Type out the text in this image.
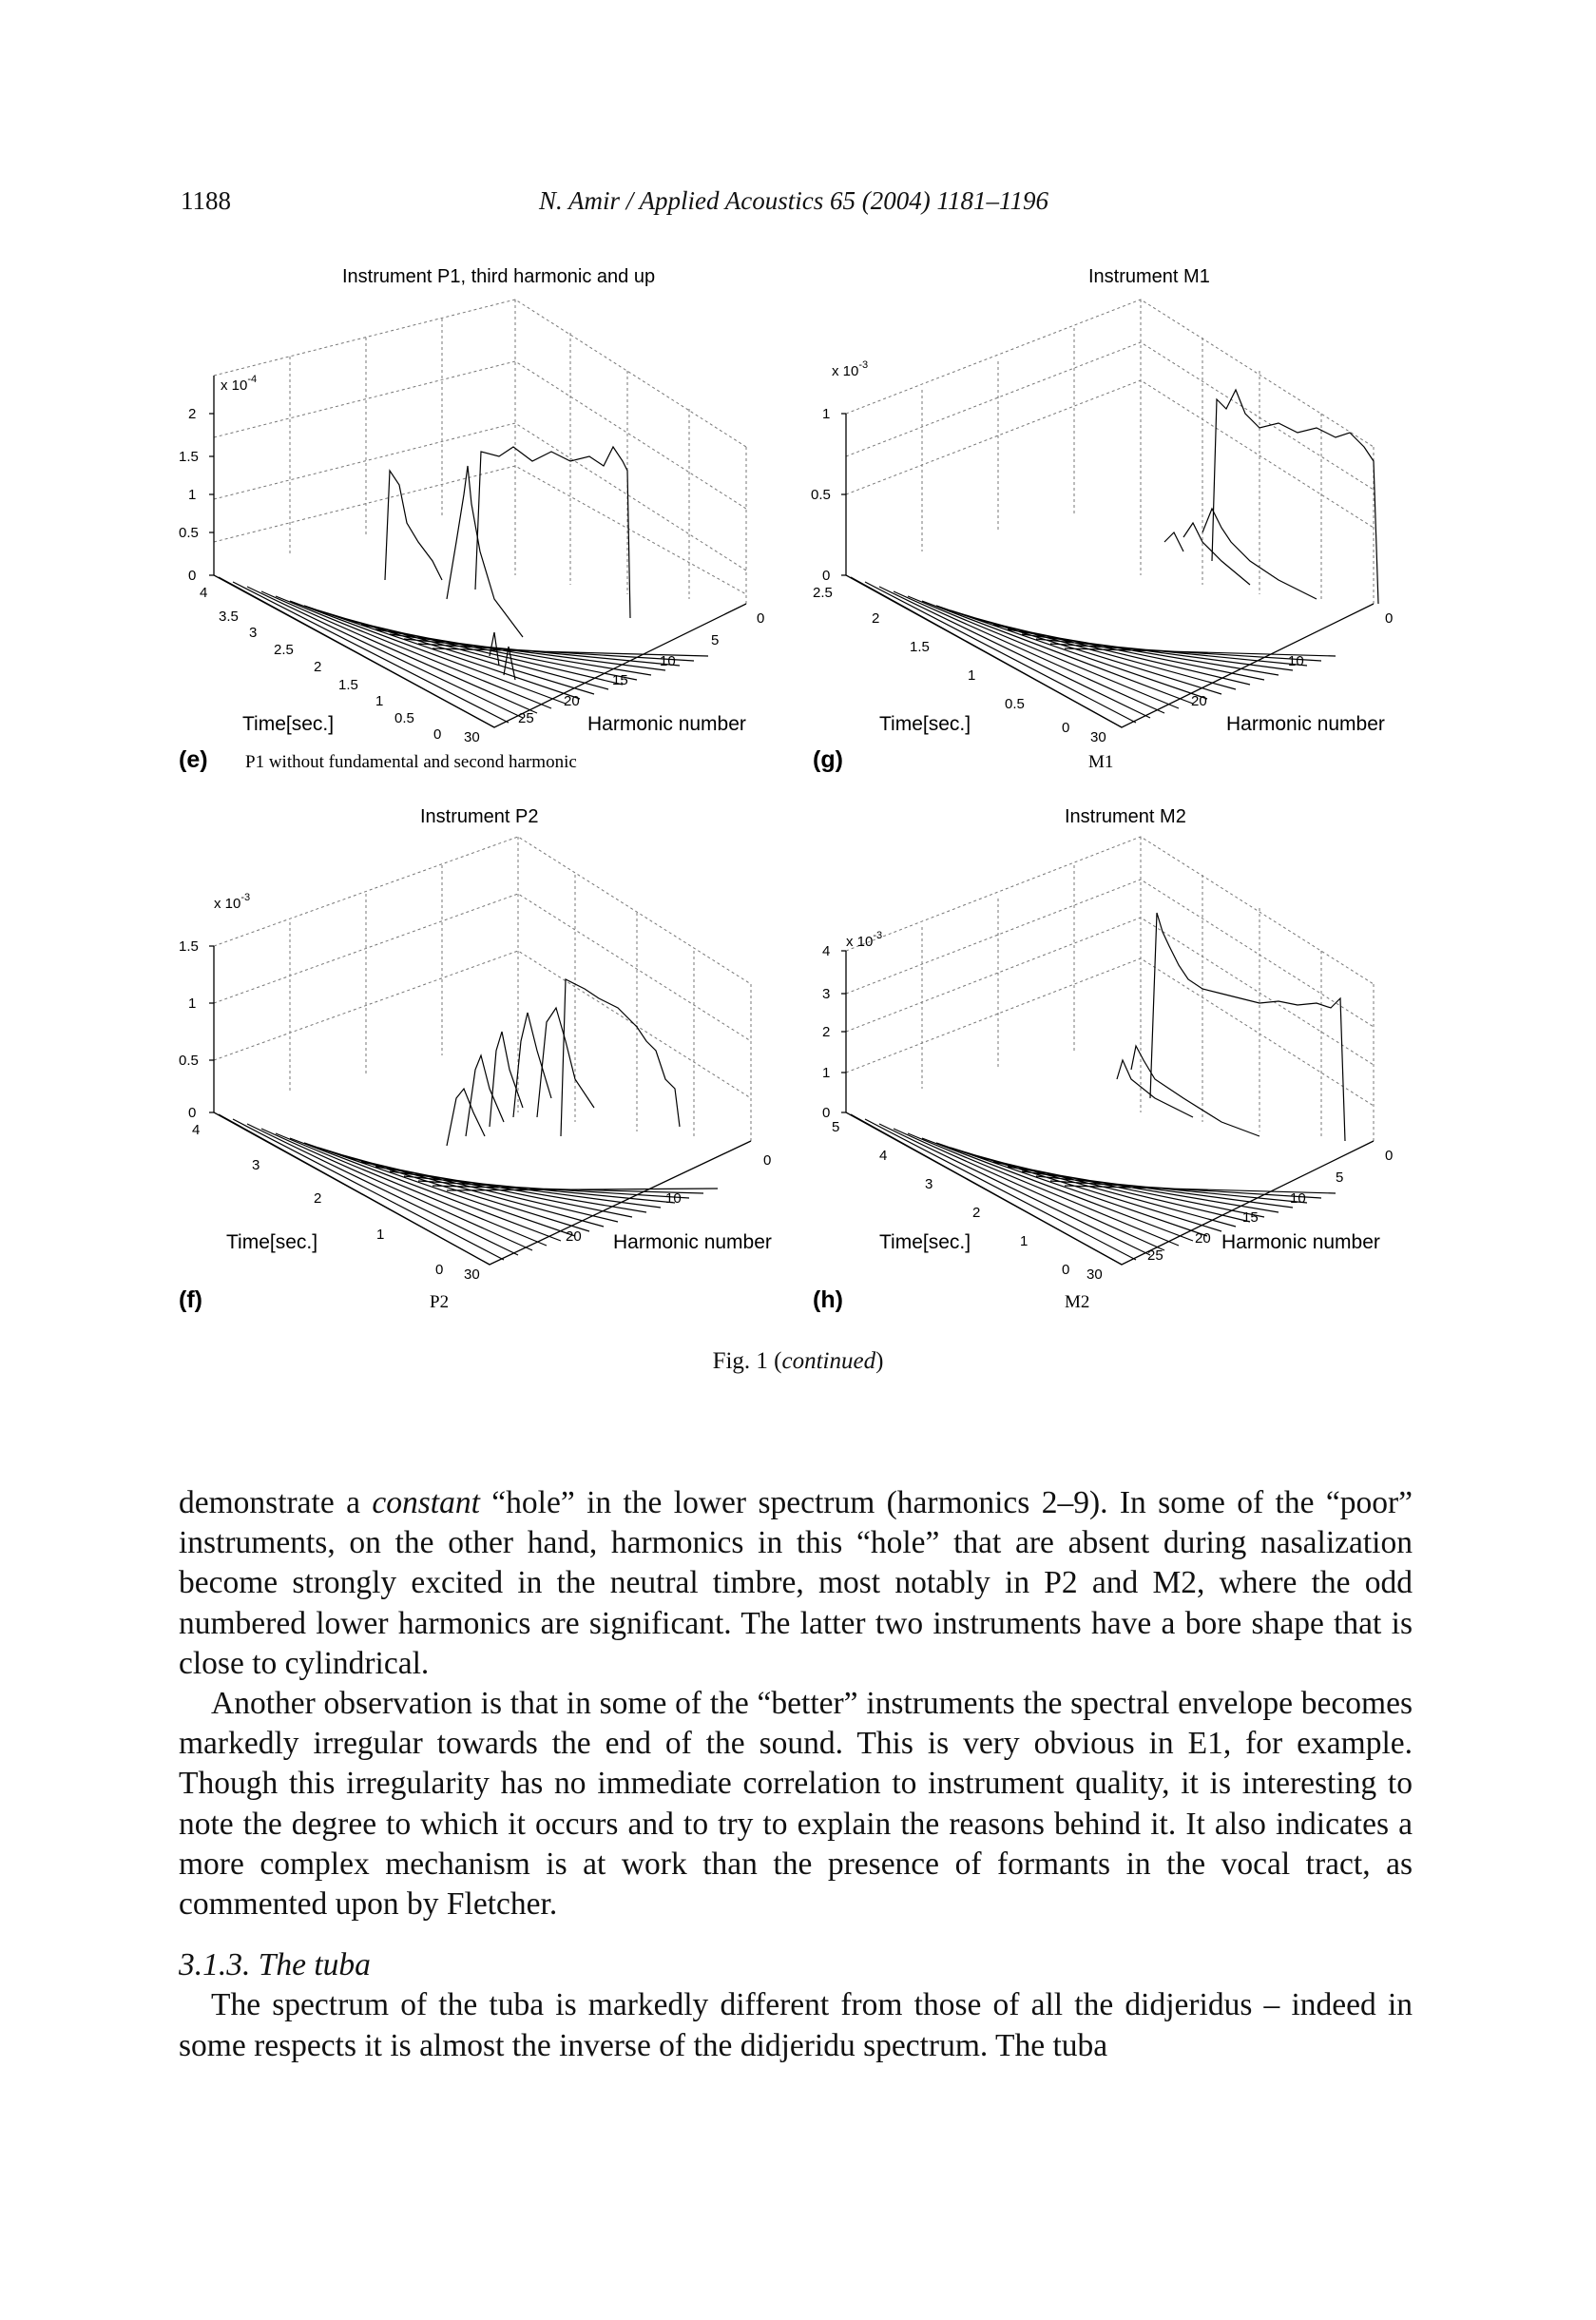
1188	N. Amir / Applied Acoustics 65 (2004) 1181–1196
Instrument P1, third harmonic and up
0
0.5
1
1.5
2
x $10^{-4}$
4
3.5
3
2.5
2
1.5
1
0.5
0
0
5
10
15
20
25
30
Time[sec.]	Harmonic number
(e) P1 without fundamental and second harmonic
Instrument M1
0
0.5
1
x $10^{-3}$
2.5
2
1.5
1
0.5
0
0
10
20
30
Time[sec.]	Harmonic number
(g)	M1
Instrument P2
0
0.5
1
1.5
x $10^{-3}$
4
3
2
1
0
0
10
20
30
Time[sec.]	Harmonic number
(f)	P2
Instrument M2
0
1
2
3
4
x $10^{-3}$
5
4
3
2
1
0
0
5
10
15
20
25
30
Time[sec.]	Harmonic number
(h)	M2
Fig. 1 (continued)

demonstrate a constant “hole” in the lower spectrum (harmonics 2–9). In some of the “poor” instruments, on the other hand, harmonics in this “hole” that are absent during nasalization become strongly excited in the neutral timbre, most notably in P2 and M2, where the odd numbered lower harmonics are significant. The latter two instruments have a bore shape that is close to cylindrical.

Another observation is that in some of the “better” instruments the spectral envelope becomes markedly irregular towards the end of the sound. This is very obvious in E1, for example. Though this irregularity has no immediate correlation to instrument quality, it is interesting to note the degree to which it occurs and to try to explain the reasons behind it. It also indicates a more complex mechanism is at work than the presence of formants in the vocal tract, as commented upon by Fletcher.

3.1.3. The tuba

The spectrum of the tuba is markedly different from those of all the didjeridus – indeed in some respects it is almost the inverse of the didjeridu spectrum. The tuba
